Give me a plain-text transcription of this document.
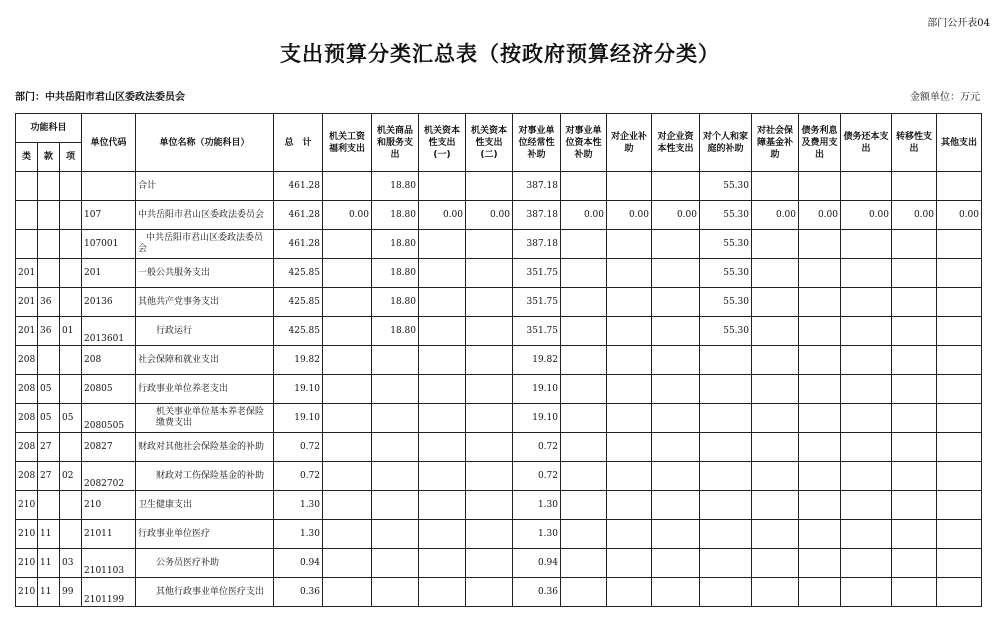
部门公开表04
支出预算分类汇总表（按政府预算经济分类）
部门：中共岳阳市君山区委政法委员会	金额单位：万元
功能科目			单位代码	单位名称（功能科目）	总　计	机关工资福利支出	机关商品和服务支出	机关资本性支出(一)	机关资本性支出(二)	对事业单位经常性补助	对事业单位资本性补助	对企业补助	对企业资本性支出	对个人和家庭的补助	对社会保障基金补助	债务利息及费用支出	债务还本支出	转移性支出	其他支出
类	款	项																	
				合计	461.28		18.80			387.18				55.30					
			107	中共岳阳市君山区委政法委员会	461.28	0.00	18.80	0.00	0.00	387.18	0.00	0.00	0.00	55.30	0.00	0.00	0.00	0.00	0.00
			107001	中共岳阳市君山区委政法委员会	461.28		18.80			387.18				55.30					
201			201	一般公共服务支出	425.85		18.80			351.75				55.30					
201	36		20136	其他共产党事务支出	425.85		18.80			351.75				55.30					
201	36	01	2013601	行政运行	425.85		18.80			351.75				55.30					
208			208	社会保障和就业支出	19.82					19.82									
208	05		20805	行政事业单位养老支出	19.10					19.10									
208	05	05	2080505	机关事业单位基本养老保险缴费支出	19.10					19.10									
208	27		20827	财政对其他社会保险基金的补助	0.72					0.72									
208	27	02	2082702	财政对工伤保险基金的补助	0.72					0.72									
210			210	卫生健康支出	1.30					1.30									
210	11		21011	行政事业单位医疗	1.30					1.30									
210	11	03	2101103	公务员医疗补助	0.94					0.94									
210	11	99	2101199	其他行政事业单位医疗支出	0.36					0.36									
